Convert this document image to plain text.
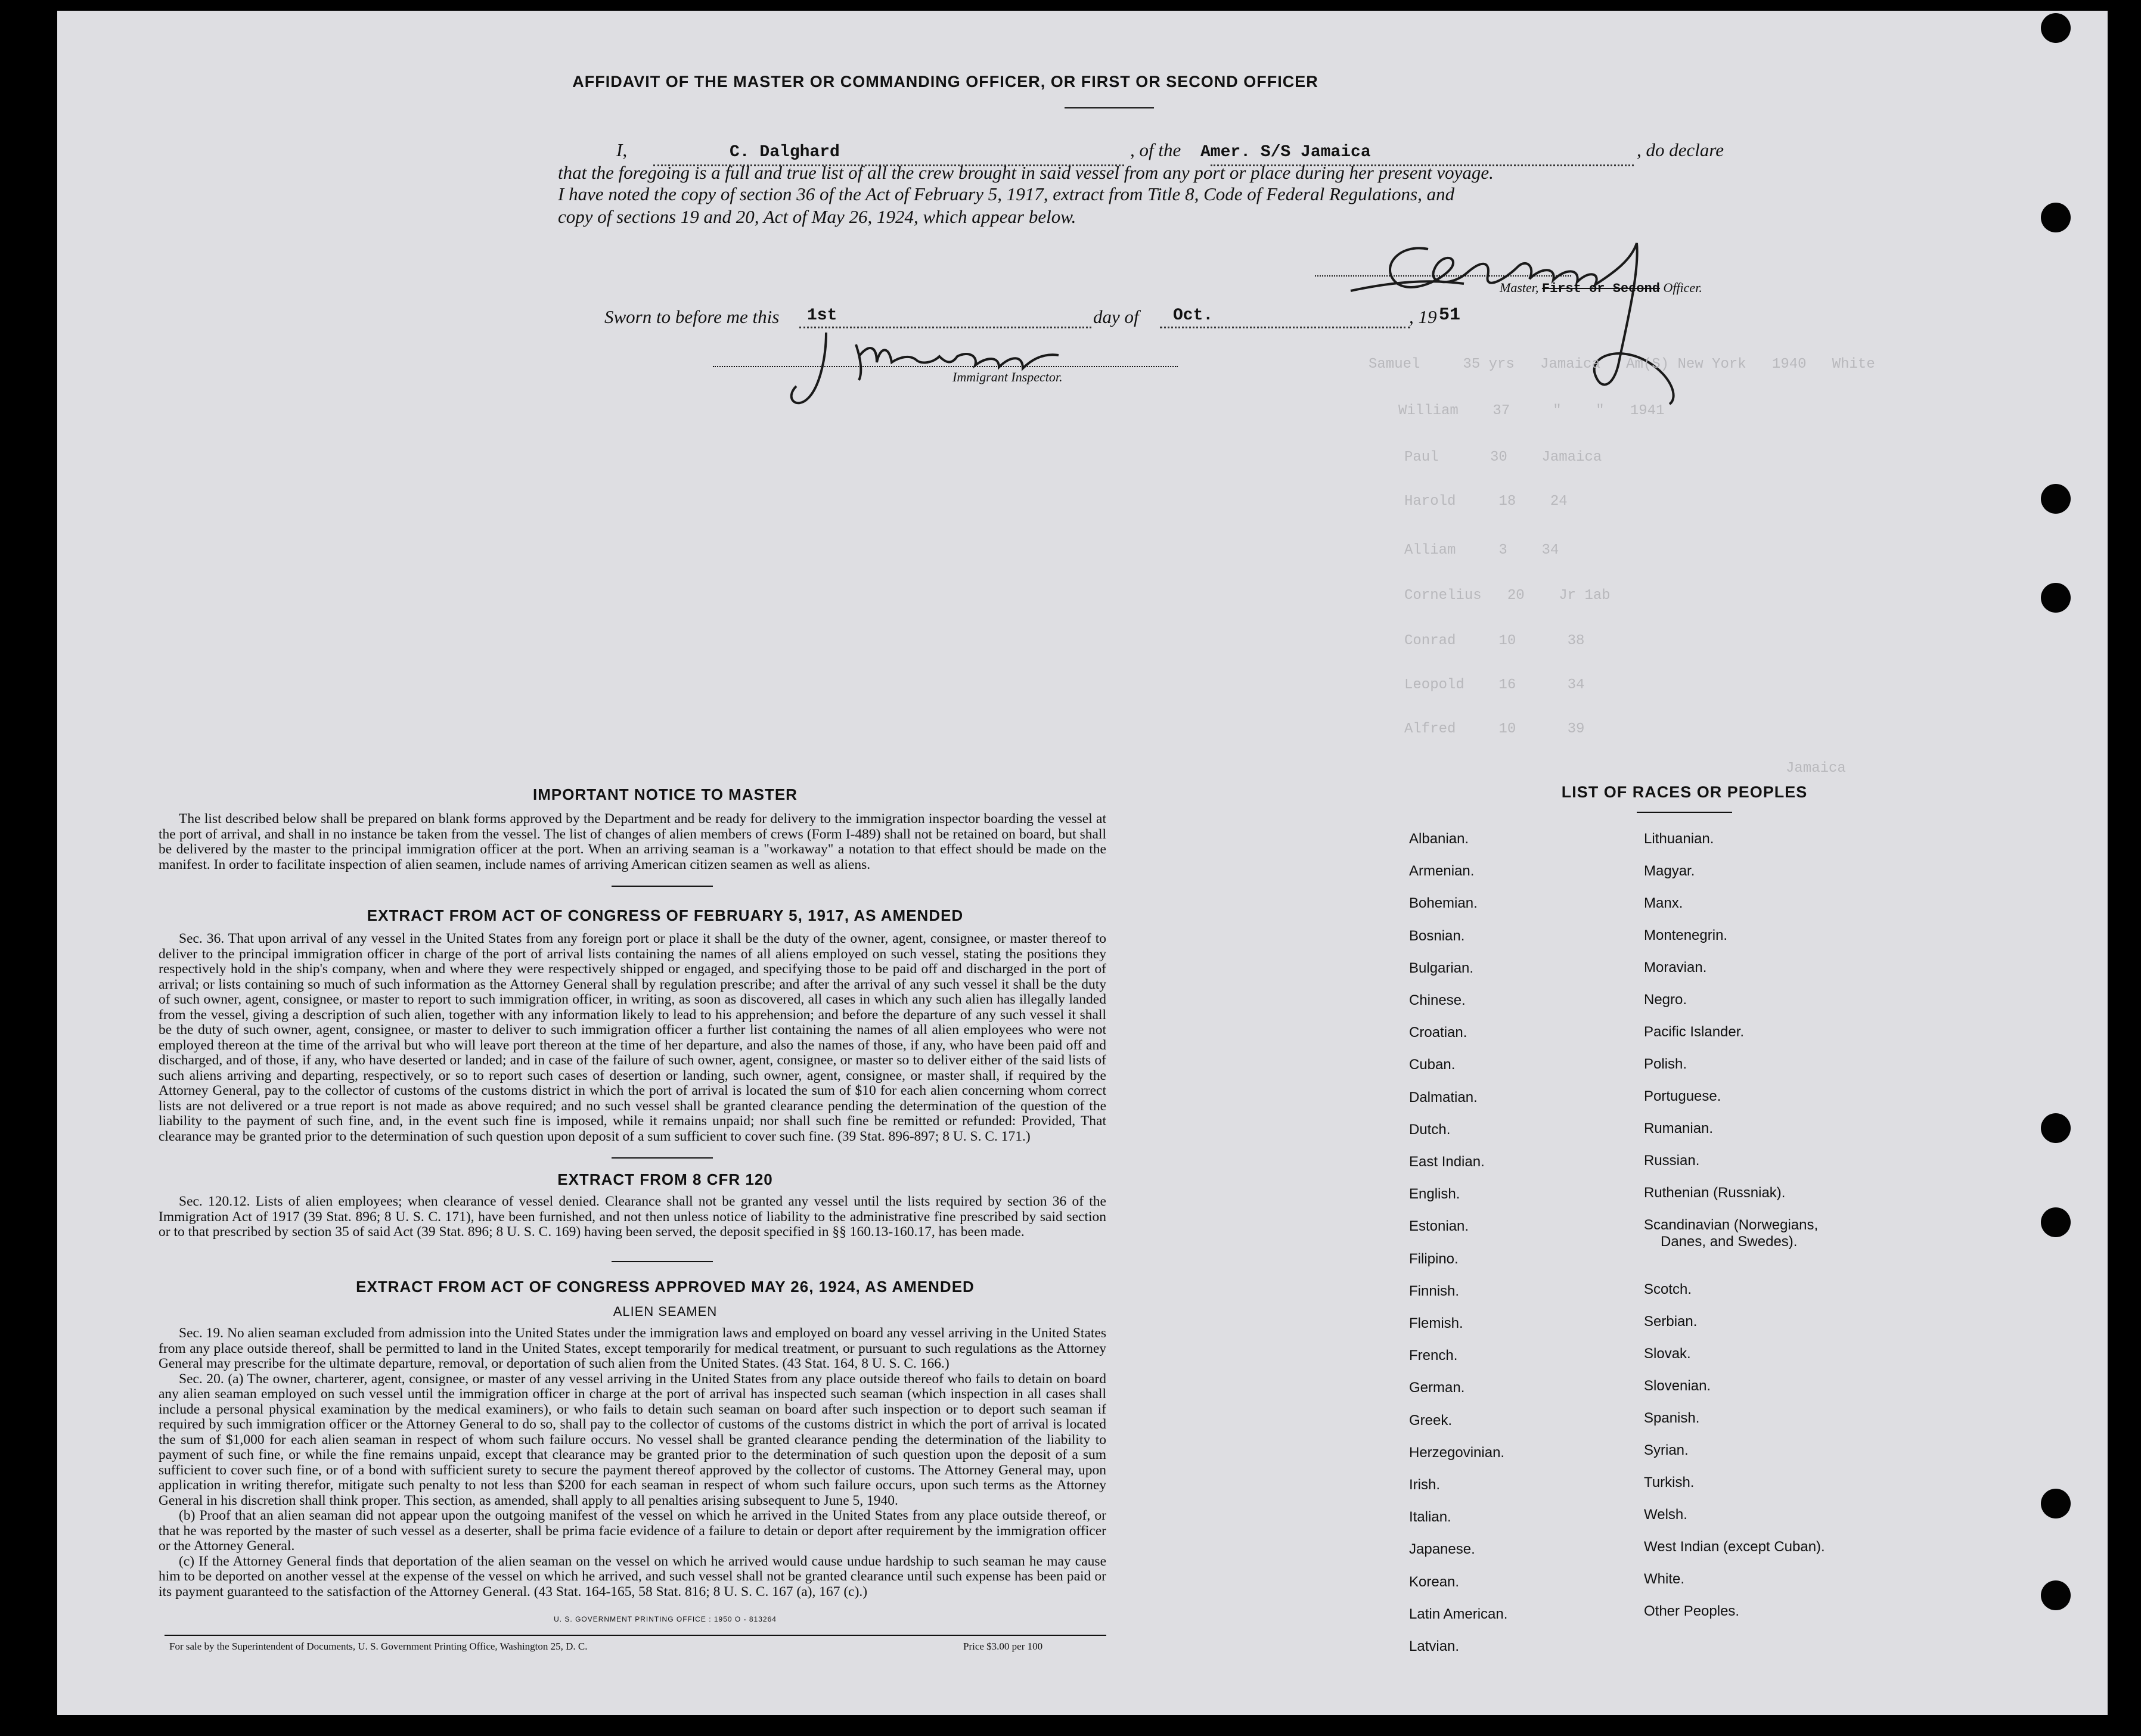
AFFIDAVIT OF THE MASTER OR COMMANDING OFFICER, OR FIRST OR SECOND OFFICER
I,	C. Dalghard	, of the Amer. S/S Jamaica	, do declare
that the foregoing is a full and true list of all the crew brought in said vessel from any port or place during her present voyage.
I have noted the copy of section 36 of the Act of February 5, 1917, extract from Title 8, Code of Federal Regulations, and
copy of sections 19 and 20, Act of May 26, 1924, which appear below.
Master, First or Second Officer.
Sworn to before me this 1st	day of Oct.	, 19 51
Immigrant Inspector.
Samuel     35 yrs   Jamaica   Am(S) New York   1940   White
William    37     "    "   1941
Paul      30    Jamaica
Harold     18    24
Alliam     3    34
Cornelius   20    Jr 1ab
Conrad     10      38
Leopold    16      34
Alfred     10      39
Jamaica
IMPORTANT NOTICE TO MASTER
The list described below shall be prepared on blank forms approved by the Department and be ready for delivery to the immigration inspector boarding the vessel at the port of arrival, and shall in no instance be taken from the vessel. The list of changes of alien members of crews (Form I-489) shall not be retained on board, but shall be delivered by the master to the principal immigration officer at the port. When an arriving seaman is a "workaway" a notation to that effect should be made on the manifest. In order to facilitate inspection of alien seamen, include names of arriving American citizen seamen as well as aliens.
EXTRACT FROM ACT OF CONGRESS OF FEBRUARY 5, 1917, AS AMENDED
Sec. 36. That upon arrival of any vessel in the United States from any foreign port or place it shall be the duty of the owner, agent, consignee, or master thereof to deliver to the principal immigration officer in charge of the port of arrival lists containing the names of all aliens employed on such vessel, stating the positions they respectively hold in the ship's company, when and where they were respectively shipped or engaged, and specifying those to be paid off and discharged in the port of arrival; or lists containing so much of such information as the Attorney General shall by regulation prescribe; and after the arrival of any such vessel it shall be the duty of such owner, agent, consignee, or master to report to such immigration officer, in writing, as soon as discovered, all cases in which any such alien has illegally landed from the vessel, giving a description of such alien, together with any information likely to lead to his apprehension; and before the departure of any such vessel it shall be the duty of such owner, agent, consignee, or master to deliver to such immigration officer a further list containing the names of all alien employees who were not employed thereon at the time of the arrival but who will leave port thereon at the time of her departure, and also the names of those, if any, who have been paid off and discharged, and of those, if any, who have deserted or landed; and in case of the failure of such owner, agent, consignee, or master so to deliver either of the said lists of such aliens arriving and departing, respectively, or so to report such cases of desertion or landing, such owner, agent, consignee, or master shall, if required by the Attorney General, pay to the collector of customs of the customs district in which the port of arrival is located the sum of $10 for each alien concerning whom correct lists are not delivered or a true report is not made as above required; and no such vessel shall be granted clearance pending the determination of the question of the liability to the payment of such fine, and, in the event such fine is imposed, while it remains unpaid; nor shall such fine be remitted or refunded: Provided, That clearance may be granted prior to the determination of such question upon deposit of a sum sufficient to cover such fine. (39 Stat. 896-897; 8 U. S. C. 171.)
EXTRACT FROM 8 CFR 120
Sec. 120.12. Lists of alien employees; when clearance of vessel denied. Clearance shall not be granted any vessel until the lists required by section 36 of the Immigration Act of 1917 (39 Stat. 896; 8 U. S. C. 171), have been furnished, and not then unless notice of liability to the administrative fine prescribed by said section or to that prescribed by section 35 of said Act (39 Stat. 896; 8 U. S. C. 169) having been served, the deposit specified in §§ 160.13-160.17, has been made.
EXTRACT FROM ACT OF CONGRESS APPROVED MAY 26, 1924, AS AMENDED
ALIEN SEAMEN

Sec. 19. No alien seaman excluded from admission into the United States under the immigration laws and employed on board any vessel arriving in the United States from any place outside thereof, shall be permitted to land in the United States, except temporarily for medical treatment, or pursuant to such regulations as the Attorney General may prescribe for the ultimate departure, removal, or deportation of such alien from the United States. (43 Stat. 164, 8 U. S. C. 166.)

Sec. 20. (a) The owner, charterer, agent, consignee, or master of any vessel arriving in the United States from any place outside thereof who fails to detain on board any alien seaman employed on such vessel until the immigration officer in charge at the port of arrival has inspected such seaman (which inspection in all cases shall include a personal physical examination by the medical examiners), or who fails to detain such seaman on board after such inspection or to deport such seaman if required by such immigration officer or the Attorney General to do so, shall pay to the collector of customs of the customs district in which the port of arrival is located the sum of $1,000 for each alien seaman in respect of whom such failure occurs. No vessel shall be granted clearance pending the determination of the liability to payment of such fine, or while the fine remains unpaid, except that clearance may be granted prior to the determination of such question upon the deposit of a sum sufficient to cover such fine, or of a bond with sufficient surety to secure the payment thereof approved by the collector of customs. The Attorney General may, upon application in writing therefor, mitigate such penalty to not less than $200 for each seaman in respect of whom such failure occurs, upon such terms as the Attorney General in his discretion shall think proper. This section, as amended, shall apply to all penalties arising subsequent to June 5, 1940.

(b) Proof that an alien seaman did not appear upon the outgoing manifest of the vessel on which he arrived in the United States from any place outside thereof, or that he was reported by the master of such vessel as a deserter, shall be prima facie evidence of a failure to detain or deport after requirement by the immigration officer or the Attorney General.

(c) If the Attorney General finds that deportation of the alien seaman on the vessel on which he arrived would cause undue hardship to such seaman he may cause him to be deported on another vessel at the expense of the vessel on which he arrived, and such vessel shall not be granted clearance until such expense has been paid or its payment guaranteed to the satisfaction of the Attorney General. (43 Stat. 164-165, 58 Stat. 816; 8 U. S. C. 167 (a), 167 (c).)

U. S. GOVERNMENT PRINTING OFFICE : 1950 O - 813264
For sale by the Superintendent of Documents, U. S. Government Printing Office, Washington 25, D. C.	Price $3.00 per 100
LIST OF RACES OR PEOPLES
Albanian.
Armenian.
Bohemian.
Bosnian.
Bulgarian.
Chinese.
Croatian.
Cuban.
Dalmatian.
Dutch.
East Indian.
English.
Estonian.
Filipino.
Finnish.
Flemish.
French.
German.
Greek.
Herzegovinian.
Irish.
Italian.
Japanese.
Korean.
Latin American.
Latvian.
Lithuanian.
Magyar.
Manx.
Montenegrin.
Moravian.
Negro.
Pacific Islander.
Polish.
Portuguese.
Rumanian.
Russian.
Ruthenian (Russniak).
Scandinavian (Norwegians,
Danes, and Swedes).
Scotch.
Serbian.
Slovak.
Slovenian.
Spanish.
Syrian.
Turkish.
Welsh.
West Indian (except Cuban).
White.
Other Peoples.
